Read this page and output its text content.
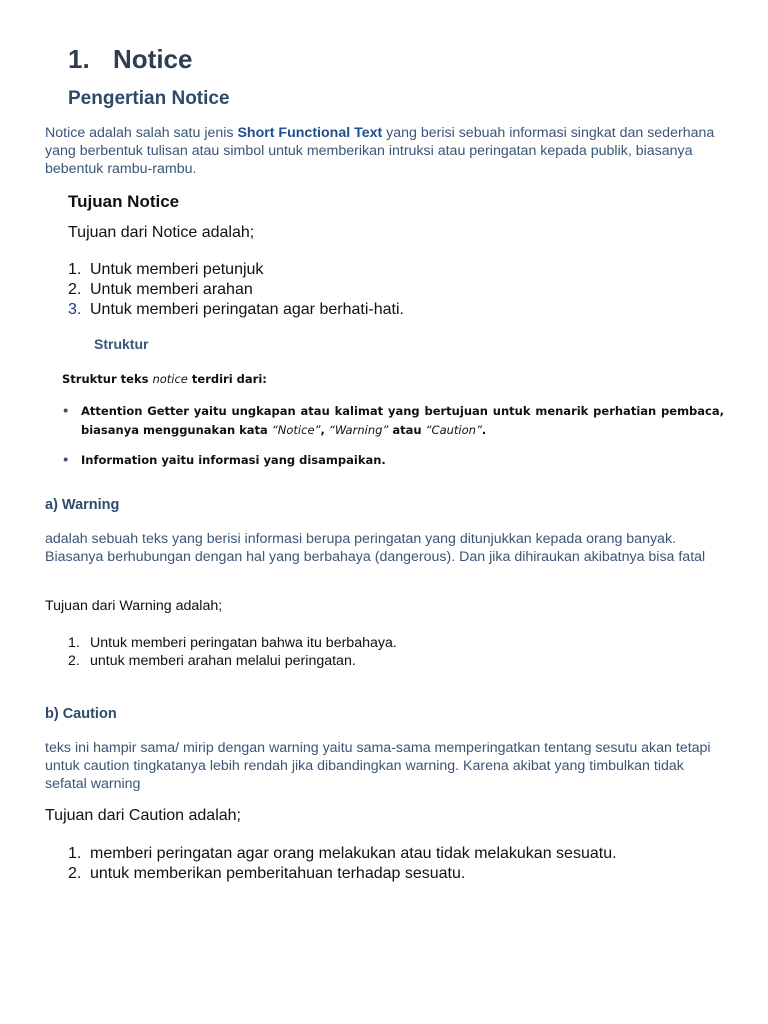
1. Notice
Pengertian Notice

Notice adalah salah satu jenis Short Functional Text yang berisi sebuah informasi singkat dan sederhana yang berbentuk tulisan atau simbol untuk memberikan intruksi atau peringatan kepada publik, biasanya bebentuk rambu-rambu.

Tujuan Notice

Tujuan dari Notice adalah;

1. Untuk memberi petunjuk
2. Untuk memberi arahan
3. Untuk memberi peringatan agar berhati-hati.
Struktur
Struktur teks notice terdiri dari:
• Attention Getter yaitu ungkapan atau kalimat yang bertujuan untuk menarik perhatian pembaca, biasanya menggunakan kata “Notice”, “Warning” atau “Caution”.
• Information yaitu informasi yang disampaikan.
a) Warning

adalah sebuah teks yang berisi informasi berupa peringatan yang ditunjukkan kepada orang banyak. Biasanya berhubungan dengan hal yang berbahaya (dangerous). Dan jika dihiraukan akibatnya bisa fatal

Tujuan dari Warning adalah;

1. Untuk memberi peringatan bahwa itu berbahaya.
2. untuk memberi arahan melalui peringatan.
b) Caution

teks ini hampir sama/ mirip dengan warning yaitu sama-sama memperingatkan tentang sesutu akan tetapi untuk caution tingkatanya lebih rendah jika dibandingkan warning. Karena akibat yang timbulkan tidak sefatal warning

Tujuan dari Caution adalah;

1. memberi peringatan agar orang melakukan atau tidak melakukan sesuatu.
2. untuk memberikan pemberitahuan terhadap sesuatu.
